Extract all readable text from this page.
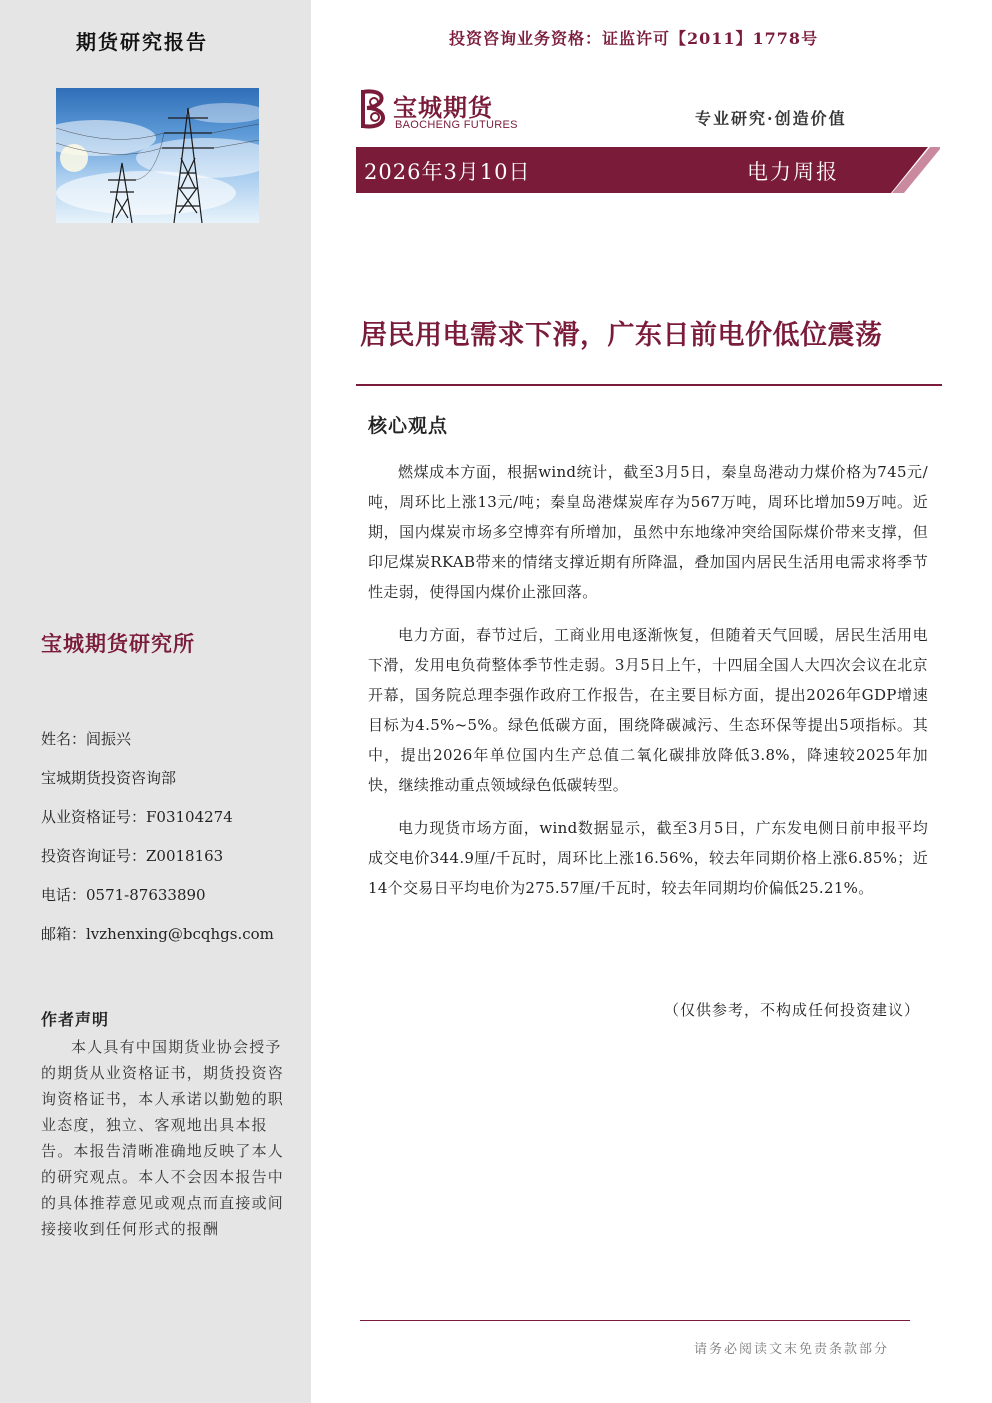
期货研究报告
宝城期货研究所
姓名：闾振兴
宝城期货投资咨询部
从业资格证号：F03104274
投资咨询证号：Z0018163
电话：0571-87633890
邮箱：lvzhenxing@bcqhgs.com
作者声明
本人具有中国期货业协会授予的期货从业资格证书，期货投资咨询资格证书，本人承诺以勤勉的职业态度，独立、客观地出具本报告。本报告清晰准确地反映了本人的研究观点。本人不会因本报告中的具体推荐意见或观点而直接或间接接收到任何形式的报酬
投资咨询业务资格：证监许可【2011】1778号
宝城期货
BAOCHENG FUTURES	专业研究·创造价值
2026年3月10日	电力周报
居民用电需求下滑，广东日前电价低位震荡
核心观点

燃煤成本方面，根据wind统计，截至3月5日，秦皇岛港动力煤价格为745元/吨，周环比上涨13元/吨；秦皇岛港煤炭库存为567万吨，周环比增加59万吨。近期，国内煤炭市场多空博弈有所增加，虽然中东地缘冲突给国际煤价带来支撑，但印尼煤炭RKAB带来的情绪支撑近期有所降温，叠加国内居民生活用电需求将季节性走弱，使得国内煤价止涨回落。

电力方面，春节过后，工商业用电逐渐恢复，但随着天气回暖，居民生活用电下滑，发用电负荷整体季节性走弱。3月5日上午，十四届全国人大四次会议在北京开幕，国务院总理李强作政府工作报告，在主要目标方面，提出2026年GDP增速目标为4.5%~5%。绿色低碳方面，围绕降碳减污、生态环保等提出5项指标。其中，提出2026年单位国内生产总值二氧化碳排放降低3.8%，降速较2025年加快，继续推动重点领域绿色低碳转型。

电力现货市场方面，wind数据显示，截至3月5日，广东发电侧日前申报平均成交电价344.9厘/千瓦时，周环比上涨16.56%，较去年同期价格上涨6.85%；近14个交易日平均电价为275.57厘/千瓦时，较去年同期均价偏低25.21%。

（仅供参考，不构成任何投资建议）
请务必阅读文末免责条款部分
